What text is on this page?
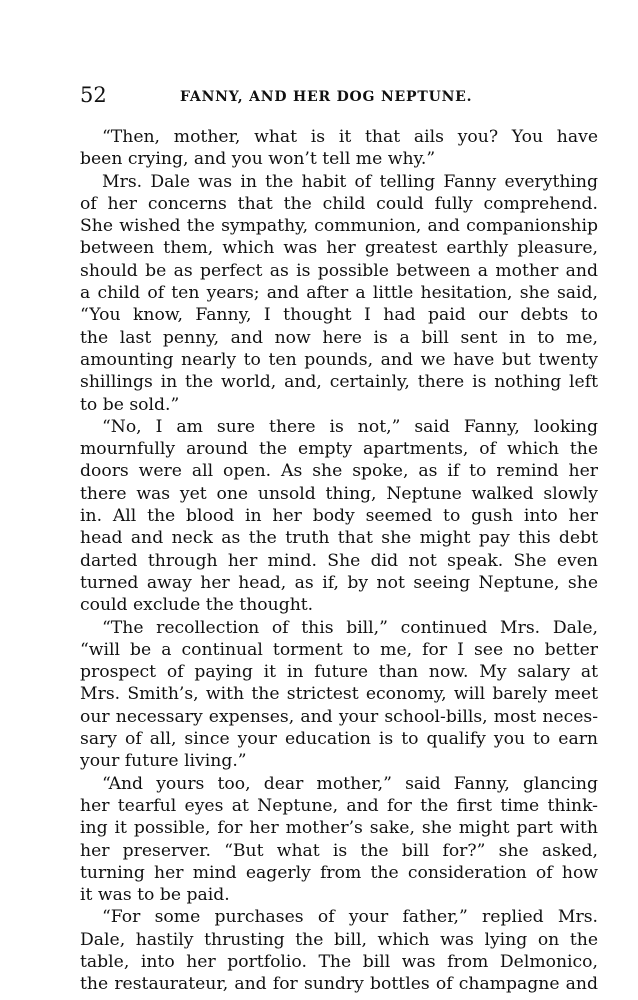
52	FANNY, AND HER DOG NEPTUNE.
“Then, mother, what is it that ails you? You have
been crying, and you won’t tell me why.”
Mrs. Dale was in the habit of telling Fanny everything
of her concerns that the child could fully comprehend.
She wished the sympathy, communion, and companionship
between them, which was her greatest earthly pleasure,
should be as perfect as is possible between a mother and
a child of ten years; and after a little hesitation, she said,
“You know, Fanny, I thought I had paid our debts to
the last penny, and now here is a bill sent in to me,
amounting nearly to ten pounds, and we have but twenty
shillings in the world, and, certainly, there is nothing left
to be sold.”
“No, I am sure there is not,” said Fanny, looking
mournfully around the empty apartments, of which the
doors were all open. As she spoke, as if to remind her
there was yet one unsold thing, Neptune walked slowly
in. All the blood in her body seemed to gush into her
head and neck as the truth that she might pay this debt
darted through her mind. She did not speak. She even
turned away her head, as if, by not seeing Neptune, she
could exclude the thought.
“The recollection of this bill,” continued Mrs. Dale,
“will be a continual torment to me, for I see no better
prospect of paying it in future than now. My salary at
Mrs. Smith’s, with the strictest economy, will barely meet
our necessary expenses, and your school-bills, most neces-
sary of all, since your education is to qualify you to earn
your future living.”
“And yours too, dear mother,” said Fanny, glancing
her tearful eyes at Neptune, and for the first time think-
ing it possible, for her mother’s sake, she might part with
her preserver. “But what is the bill for?” she asked,
turning her mind eagerly from the consideration of how
it was to be paid.
“For some purchases of your father,” replied Mrs.
Dale, hastily thrusting the bill, which was lying on the
table, into her portfolio. The bill was from Delmonico,
the restaurateur, and for sundry bottles of champagne and
